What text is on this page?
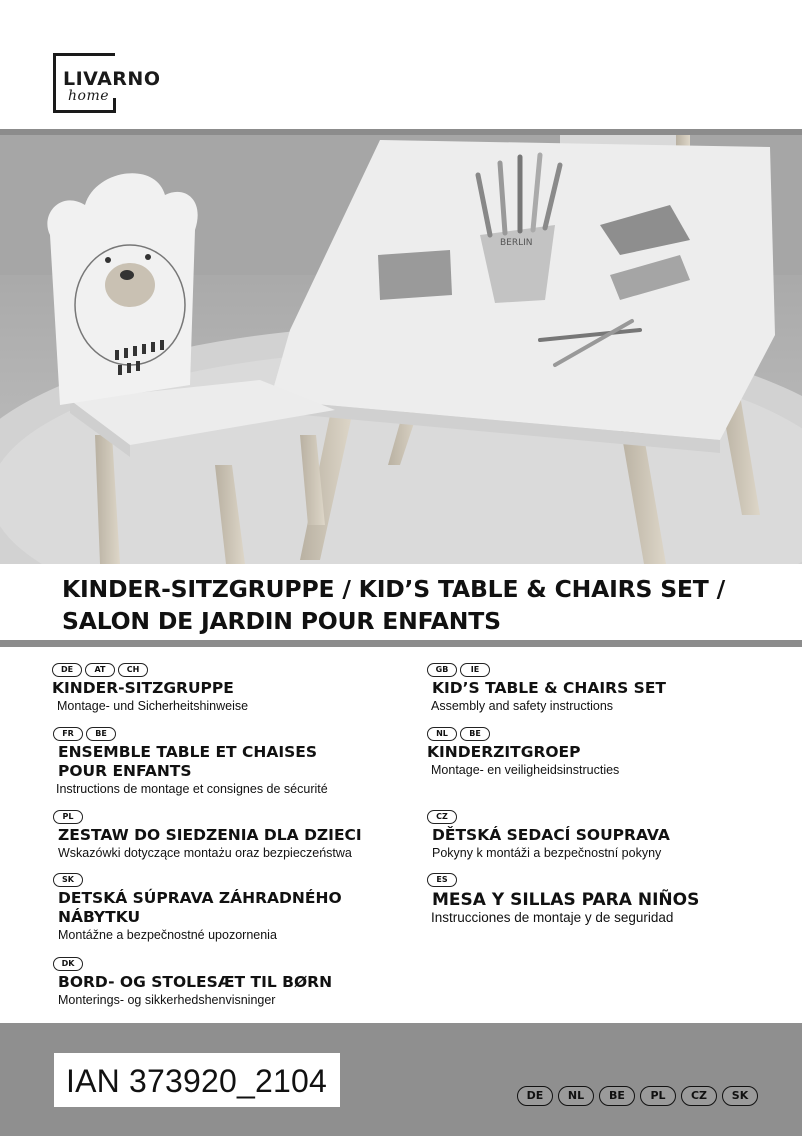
LIVARNO
home
BERLIN
KINDER-SITZGRUPPE / KID’S TABLE & CHAIRS SET /
SALON DE JARDIN POUR ENFANTS
DE	AT	CH
KINDER-SITZGRUPPE
Montage- und Sicherheitshinweise
FR	BE
ENSEMBLE TABLE ET CHAISES POUR ENFANTS
Instructions de montage et consignes de sécurité
PL
ZESTAW DO SIEDZENIA DLA DZIECI
Wskazówki dotyczące montażu oraz bezpieczeństwa
SK
DETSKÁ SÚPRAVA ZÁHRADNÉHO NÁBYTKU
Montážne a bezpečnostné upozornenia
DK
BORD- OG STOLESÆT TIL BØRN
Monterings- og sikkerhedshenvisninger
GB	IE
KID’S TABLE & CHAIRS SET
Assembly and safety instructions
NL	BE
KINDERZITGROEP
Montage- en veiligheidsinstructies
CZ
DĚTSKÁ SEDACÍ SOUPRAVA
Pokyny k montáži a bezpečnostní pokyny
ES
MESA Y SILLAS PARA NIÑOS
Instrucciones de montaje y de seguridad
IAN 373920_2104	DE	NL	BE	PL	CZ	SK
